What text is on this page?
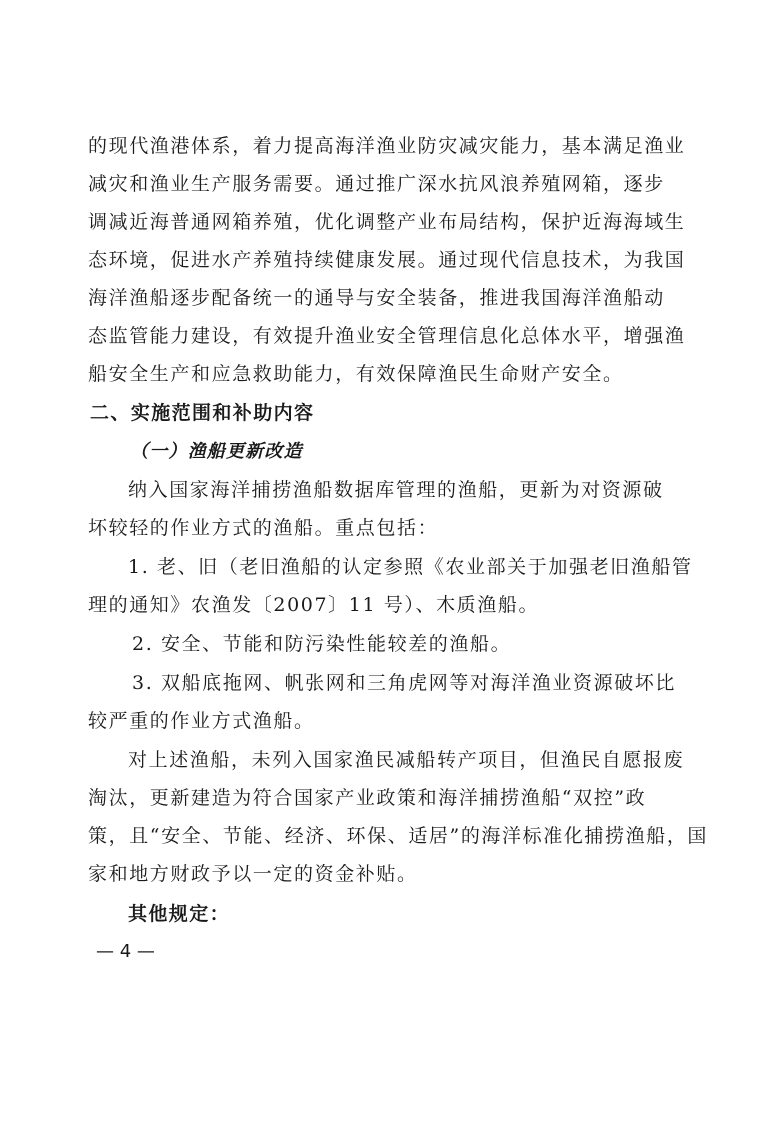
的现代渔港体系，着力提高海洋渔业防灾减灾能力，基本满足渔业
减灾和渔业生产服务需要。通过推广深水抗风浪养殖网箱，逐步
调减近海普通网箱养殖，优化调整产业布局结构，保护近海海域生
态环境，促进水产养殖持续健康发展。通过现代信息技术，为我国
海洋渔船逐步配备统一的通导与安全装备，推进我国海洋渔船动
态监管能力建设，有效提升渔业安全管理信息化总体水平，增强渔
船安全生产和应急救助能力，有效保障渔民生命财产安全。
二、实施范围和补助内容
（一）渔船更新改造
纳入国家海洋捕捞渔船数据库管理的渔船，更新为对资源破
坏较轻的作业方式的渔船。重点包括：
1. 老、旧（老旧渔船的认定参照《农业部关于加强老旧渔船管
理的通知》农渔发〔2007〕11 号）、木质渔船。
2. 安全、节能和防污染性能较差的渔船。
3. 双船底拖网、帆张网和三角虎网等对海洋渔业资源破坏比
较严重的作业方式渔船。
对上述渔船，未列入国家渔民减船转产项目，但渔民自愿报废
淘汰，更新建造为符合国家产业政策和海洋捕捞渔船“双控”政
策，且“安全、节能、经济、环保、适居”的海洋标准化捕捞渔船，国
家和地方财政予以一定的资金补贴。
其他规定：
— 4 —
